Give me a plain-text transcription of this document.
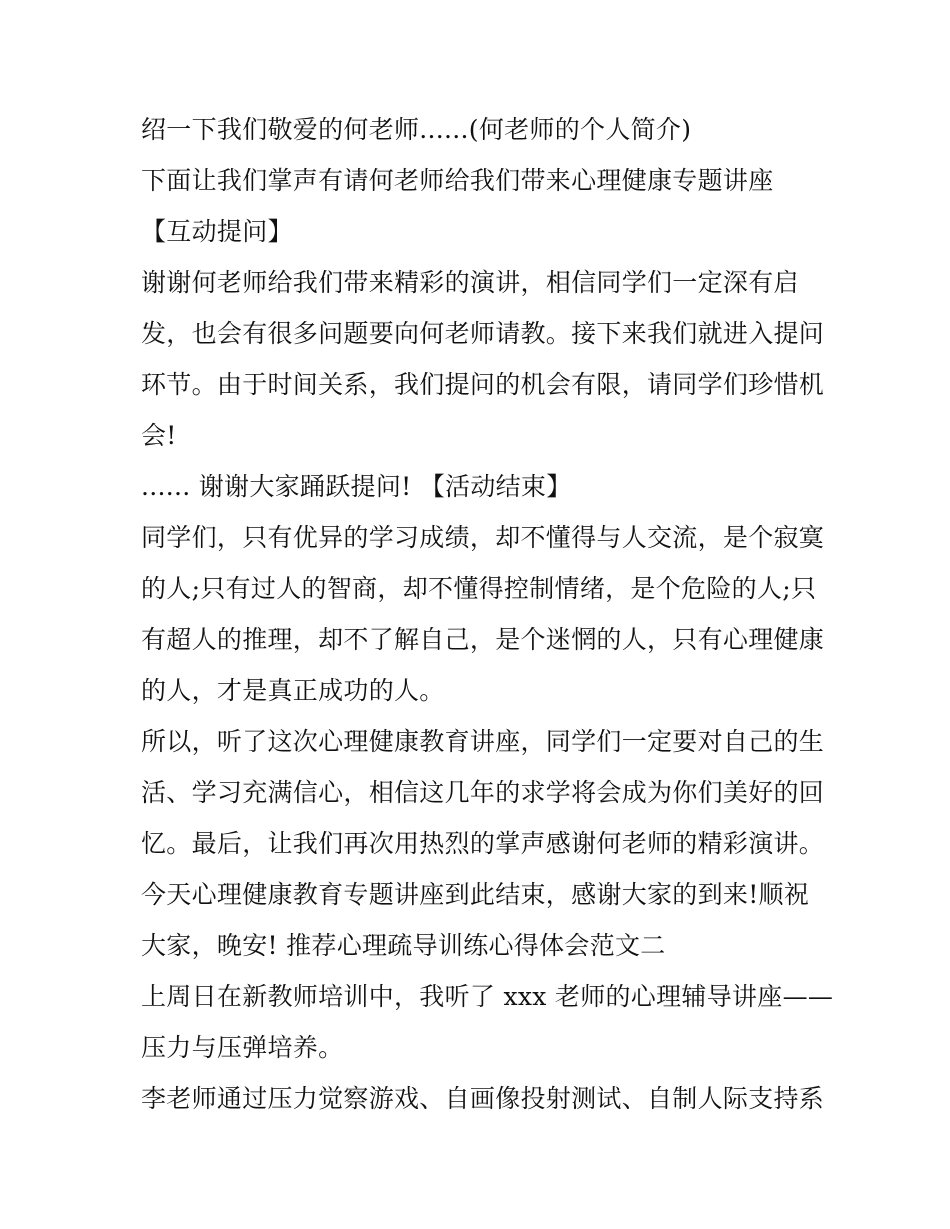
绍一下我们敬爱的何老师......(何老师的个人简介)
下面让我们掌声有请何老师给我们带来心理健康专题讲座
【互动提问】
谢谢何老师给我们带来精彩的演讲，相信同学们一定深有启
发，也会有很多问题要向何老师请教。接下来我们就进入提问
环节。由于时间关系，我们提问的机会有限，请同学们珍惜机
会!
...... 谢谢大家踊跃提问! 【活动结束】
同学们，只有优异的学习成绩，却不懂得与人交流，是个寂寞
的人;只有过人的智商，却不懂得控制情绪，是个危险的人;只
有超人的推理，却不了解自己，是个迷惘的人，只有心理健康
的人，才是真正成功的人。
所以，听了这次心理健康教育讲座，同学们一定要对自己的生
活、学习充满信心，相信这几年的求学将会成为你们美好的回
忆。最后，让我们再次用热烈的掌声感谢何老师的精彩演讲。
今天心理健康教育专题讲座到此结束，感谢大家的到来!顺祝
大家，晚安! 推荐心理疏导训练心得体会范文二
上周日在新教师培训中，我听了 xxx 老师的心理辅导讲座——
压力与压弹培养。
李老师通过压力觉察游戏、自画像投射测试、自制人际支持系
